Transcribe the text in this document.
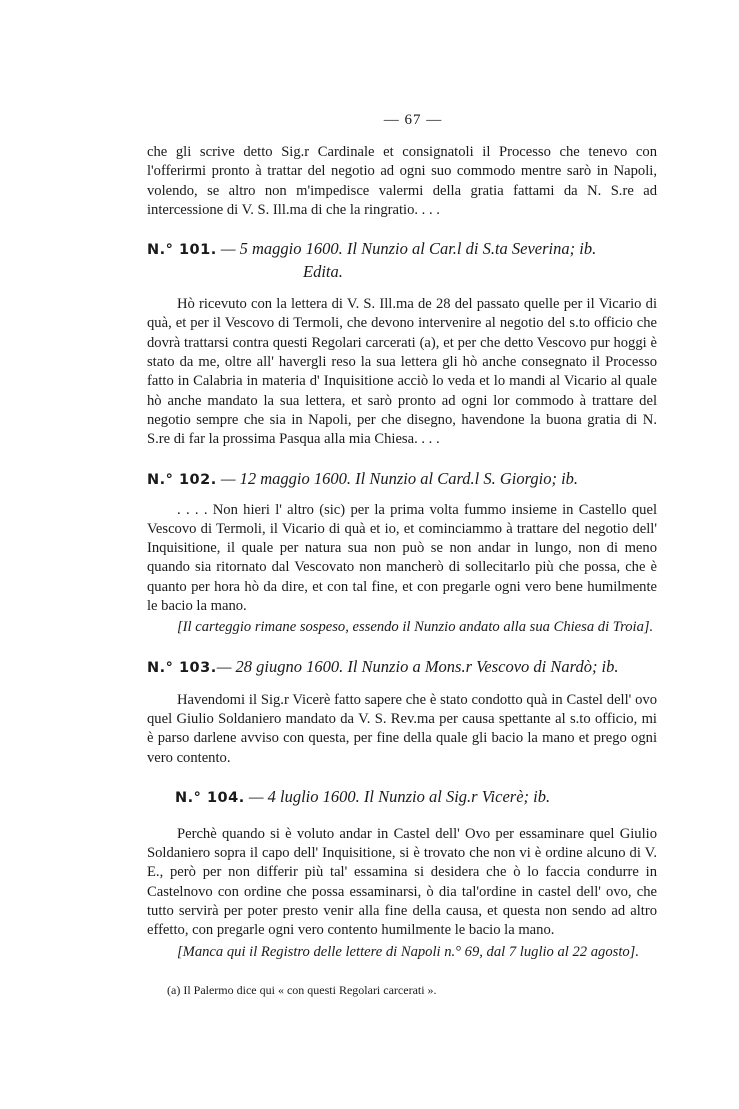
— 67 —

che gli scrive detto Sig.r Cardinale et consignatoli il Processo che tenevo con l'offerirmi pronto à trattar del negotio ad ogni suo commodo mentre sarò in Napoli, volendo, se altro non m'impedisce valermi della gratia fattami da N. S.re ad intercessione di V. S. Ill.ma di che la ringratio. . . .

N.° 101. — 5 maggio 1600. Il Nunzio al Car.l di S.ta Severina; ib.
Edita.

Hò ricevuto con la lettera di V. S. Ill.ma de 28 del passato quelle per il Vicario di quà, et per il Vescovo di Termoli, che devono intervenire al negotio del s.to officio che dovrà trattarsi contra questi Regolari carcerati (a), et per che detto Vescovo pur hoggi è stato da me, oltre all' havergli reso la sua lettera gli hò anche consegnato il Processo fatto in Calabria in materia d' Inquisitione acciò lo veda et lo mandi al Vicario al quale hò anche mandato la sua lettera, et sarò pronto ad ogni lor commodo à trattare del negotio sempre che sia in Napoli, per che disegno, havendone la buona gratia di N. S.re di far la prossima Pasqua alla mia Chiesa. . . .

N.° 102. — 12 maggio 1600. Il Nunzio al Card.l S. Giorgio; ib.

. . . . Non hieri l' altro (sic) per la prima volta fummo insieme in Castello quel Vescovo di Termoli, il Vicario di quà et io, et cominciammo à trattare del negotio dell' Inquisitione, il quale per natura sua non può se non andar in lungo, non di meno quando sia ritornato dal Vescovato non mancherò di sollecitarlo più che possa, che è quanto per hora hò da dire, et con tal fine, et con pregarle ogni vero bene humilmente le bacio la mano.

[Il carteggio rimane sospeso, essendo il Nunzio andato alla sua Chiesa di Troia].

N.° 103.— 28 giugno 1600. Il Nunzio a Mons.r Vescovo di Nardò; ib.

Havendomi il Sig.r Vicerè fatto sapere che è stato condotto quà in Castel dell' ovo quel Giulio Soldaniero mandato da V. S. Rev.ma per causa spettante al s.to officio, mi è parso darlene avviso con questa, per fine della quale gli bacio la mano et prego ogni vero contento.

N.° 104. — 4 luglio 1600. Il Nunzio al Sig.r Vicerè; ib.

Perchè quando si è voluto andar in Castel dell' Ovo per essaminare quel Giulio Soldaniero sopra il capo dell' Inquisitione, si è trovato che non vi è ordine alcuno di V. E., però per non differir più tal' essamina si desidera che ò lo faccia condurre in Castelnovo con ordine che possa essaminarsi, ò dia tal'ordine in castel dell' ovo, che tutto servirà per poter presto venir alla fine della causa, et questa non sendo ad altro effetto, con pregarle ogni vero contento humilmente le bacio la mano.

[Manca qui il Registro delle lettere di Napoli n.° 69, dal 7 luglio al 22 agosto].

(a) Il Palermo dice qui « con questi Regolari carcerati ».
